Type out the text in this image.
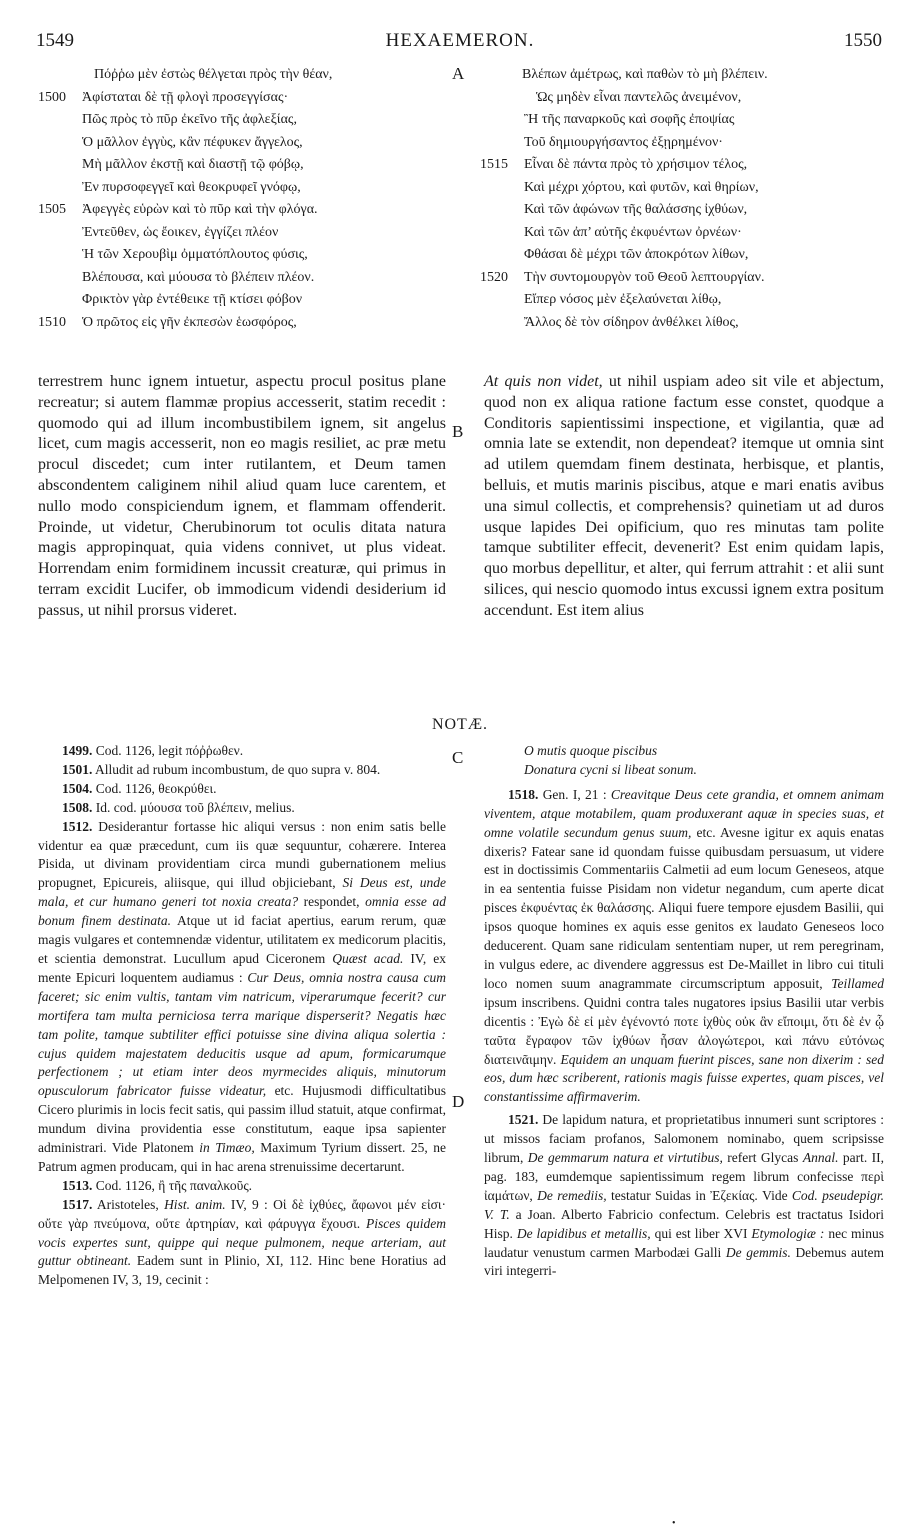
1549	HEXAEMERON.	1550
A
B
C
D
Πόῤῥω μὲν ἐστὼς θέλγεται πρὸς τὴν θέαν,
1500 Ἀφίσταται δὲ τῇ φλογὶ προσεγγίσας·
Πῶς πρὸς τὸ πῦρ ἐκεῖνο τῆς ἀφλεξίας,
Ὁ μᾶλλον ἐγγὺς, κἂν πέφυκεν ἄγγελος,
Μὴ μᾶλλον ἐκστῇ καὶ διαστῇ τῷ φόβῳ,
Ἐν πυρσοφεγγεῖ καὶ θεοκρυφεῖ γνόφῳ,
1505 Ἀφεγγὲς εὑρὼν καὶ τὸ πῦρ καὶ τὴν φλόγα.
Ἐντεῦθεν, ὡς ἔοικεν, ἐγγίζει πλέον
Ἡ τῶν Χερουβὶμ ὀμματόπλουτος φύσις,
Βλέπουσα, καὶ μύουσα τὸ βλέπειν πλέον.
Φρικτὸν γὰρ ἐντέθεικε τῇ κτίσει φόβον
1510 Ὁ πρῶτος εἰς γῆν ἐκπεσὼν ἑωσφόρος,
Βλέπων ἀμέτρως, καὶ παθὼν τὸ μὴ βλέπειν.
Ὡς μηδὲν εἶναι παντελῶς ἀνειμένον,
Ἢ τῆς παναρκοῦς καὶ σοφῆς ἐποψίας
Τοῦ δημιουργήσαντος ἐξῃρημένον·
1515 Εἶναι δὲ πάντα πρὸς τὸ χρήσιμον τέλος,
Καὶ μέχρι χόρτου, καὶ φυτῶν, καὶ θηρίων,
Καὶ τῶν ἀφώνων τῆς θαλάσσης ἰχθύων,
Καὶ τῶν ἀπ’ αὐτῆς ἐκφυέντων ὀρνέων·
Φθάσαι δὲ μέχρι τῶν ἀποκρότων λίθων,
1520 Τὴν συντομουργὸν τοῦ Θεοῦ λεπτουργίαν.
Εἴπερ νόσος μὲν ἐξελαύνεται λίθῳ,
Ἄλλος δὲ τὸν σίδηρον ἀνθέλκει λίθος,

terrestrem hunc ignem intuetur, aspectu procul positus plane recreatur; si autem flammæ propius accesserit, statim recedit : quomodo qui ad illum incombustibilem ignem, sit angelus licet, cum magis accesserit, non eo magis resiliet, ac præ metu procul discedet; cum inter rutilantem, et Deum tamen abscondentem caliginem nihil aliud quam luce carentem, et nullo modo conspiciendum ignem, et flammam offenderit. Proinde, ut videtur, Cherubinorum tot oculis ditata natura magis appropinquat, quia videns connivet, ut plus videat. Horrendam enim formidinem incussit creaturæ, qui primus in terram excidit Lucifer, ob immodicum videndi desiderium id passus, ut nihil prorsus videret.

At quis non videt, ut nihil uspiam adeo sit vile et abjectum, quod non ex aliqua ratione factum esse constet, quodque a Conditoris sapientissimi inspectione, et vigilantia, quæ ad omnia late se extendit, non dependeat? itemque ut omnia sint ad utilem quemdam finem destinata, herbisque, et plantis, belluis, et mutis marinis piscibus, atque e mari enatis avibus una simul collectis, et comprehensis? quinetiam ut ad duros usque lapides Dei opificium, quo res minutas tam polite tamque subtiliter effecit, devenerit? Est enim quidam lapis, quo morbus depellitur, et alter, qui ferrum attrahit : et alii sunt silices, qui nescio quomodo intus excussi ignem extra positum accendunt. Est item alius

NOTÆ.

1499. Cod. 1126, legit πόῤῥωθεν.

1501. Alludit ad rubum incombustum, de quo supra v. 804.

1504. Cod. 1126, θεοκρύθει.

1508. Id. cod. μύουσα τοῦ βλέπειν, melius.

1512. Desiderantur fortasse hic aliqui versus : non enim satis belle videntur ea quæ præcedunt, cum iis quæ sequuntur, cohærere. Interea Pisida, ut divinam providentiam circa mundi gubernationem melius propugnet, Epicureis, aliisque, qui illud objiciebant, Si Deus est, unde mala, et cur humano generi tot noxia creata? respondet, omnia esse ad bonum finem destinata. Atque ut id faciat apertius, earum rerum, quæ magis vulgares et contemnendæ videntur, utilitatem ex medicorum placitis, et scientia demonstrat. Lucullum apud Ciceronem Quæst acad. IV, ex mente Epicuri loquentem audiamus : Cur Deus, omnia nostra causa cum faceret; sic enim vultis, tantam vim natricum, viperarumque fecerit? cur mortifera tam multa perniciosa terra marique disperserit? Negatis hæc tam polite, tamque subtiliter effici potuisse sine divina aliqua solertia : cujus quidem majestatem deducitis usque ad apum, formicarumque perfectionem ; ut etiam inter deos myrmecides aliquis, minutorum opusculorum fabricator fuisse videatur, etc. Hujusmodi difficultatibus Cicero plurimis in locis fecit satis, qui passim illud statuit, atque confirmat, mundum divina providentia esse constitutum, eaque ipsa sapienter administrari. Vide Platonem in Timæo, Maximum Tyrium dissert. 25, ne Patrum agmen producam, qui in hac arena strenuissime decertarunt.

1513. Cod. 1126, ἢ τῆς παναλκοῦς.

1517. Aristoteles, Hist. anim. IV, 9 : Οἱ δὲ ἰχθύες, ἄφωνοι μέν εἰσι· οὔτε γὰρ πνεύμονα, οὔτε ἀρτηρίαν, καὶ φάρυγγα ἔχουσι. Pisces quidem vocis expertes sunt, quippe qui neque pulmonem, neque arteriam, aut guttur obtineant. Eadem sunt in Plinio, XI, 112. Hinc bene Horatius ad Melpomenen IV, 3, 19, cecinit :

O mutis quoque piscibus

Donatura cycni si libeat sonum.

1518. Gen. I, 21 : Creavitque Deus cete grandia, et omnem animam viventem, atque motabilem, quam produxerant aquæ in species suas, et omne volatile secundum genus suum, etc. Avesne igitur ex aquis enatas dixeris? Fatear sane id quondam fuisse quibusdam persuasum, ut videre est in doctissimis Commentariis Calmetii ad eum locum Geneseos, atque in ea sententia fuisse Pisidam non videtur negandum, cum aperte dicat pisces ἐκφυέντας ἐκ θαλάσσης. Aliqui fuere tempore ejusdem Basilii, qui ipsos quoque homines ex aquis esse genitos ex laudato Geneseos loco deducerent. Quam sane ridiculam sententiam nuper, ut rem peregrinam, in vulgus edere, ac divendere aggressus est De-Maillet in libro cui tituli loco nomen suum anagrammate circumscriptum apposuit, Teillamed ipsum inscribens. Quidni contra tales nugatores ipsius Basilii utar verbis dicentis : Ἐγὼ δὲ εἰ μὲν ἐγένοντό ποτε ἰχθὺς οὐκ ἂν εἴποιμι, ὅτι δὲ ἐν ᾧ ταῦτα ἔγραφον τῶν ἰχθύων ἦσαν ἀλογώτεροι, καὶ πάνυ εὐτόνως διατεινᾶιμην. Equidem an unquam fuerint pisces, sane non dixerim : sed eos, dum hæc scriberent, rationis magis fuisse expertes, quam pisces, vel constantissime affirmaverim.

1521. De lapidum natura, et proprietatibus innumeri sunt scriptores : ut missos faciam profanos, Salomonem nominabo, quem scripsisse librum, De gemmarum natura et virtutibus, refert Glycas Annal. part. II, pag. 183, eumdemque sapientissimum regem librum confecisse περὶ ἰαμάτων, De remediis, testatur Suidas in Ἐζεκίας. Vide Cod. pseudepigr. V. T. a Joan. Alberto Fabricio confectum. Celebris est tractatus Isidori Hisp. De lapidibus et metallis, qui est liber XVI Etymologiæ : nec minus laudatur venustum carmen Marbodæi Galli De gemmis. Debemus autem viri integerri-

•
